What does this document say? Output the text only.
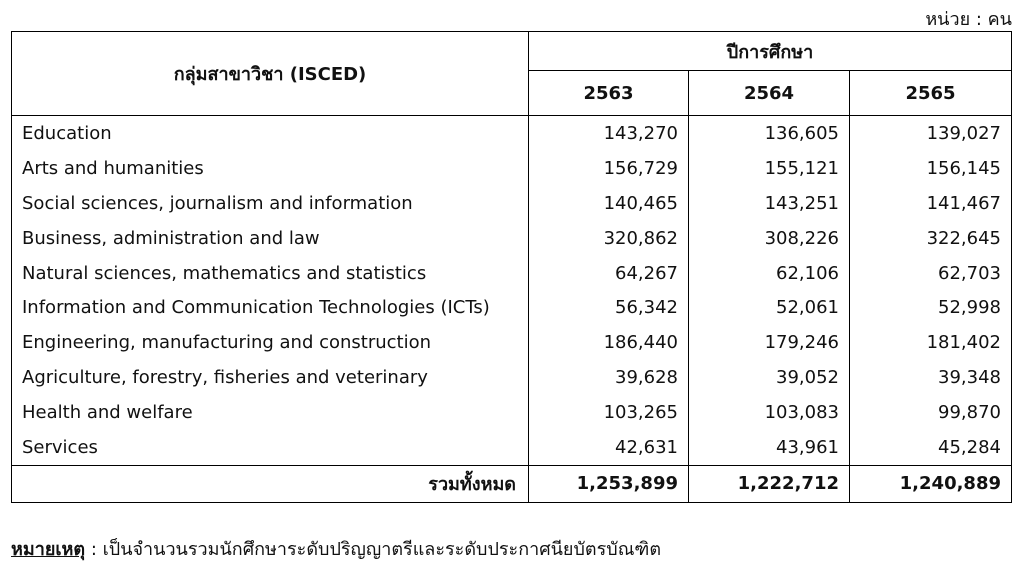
หน่วย : คน
กลุ่มสาขาวิชา (ISCED)	ปีการศึกษา		
	2563	2564	2565
Education	143,270	136,605	139,027
Arts and humanities	156,729	155,121	156,145
Social sciences, journalism and information	140,465	143,251	141,467
Business, administration and law	320,862	308,226	322,645
Natural sciences, mathematics and statistics	64,267	62,106	62,703
Information and Communication Technologies (ICTs)	56,342	52,061	52,998
Engineering, manufacturing and construction	186,440	179,246	181,402
Agriculture, forestry, fisheries and veterinary	39,628	39,052	39,348
Health and welfare	103,265	103,083	99,870
Services	42,631	43,961	45,284
รวมทั้งหมด	1,253,899	1,222,712	1,240,889
หมายเหตุ : เป็นจำนวนรวมนักศึกษาระดับปริญญาตรีและระดับประกาศนียบัตรบัณฑิต
